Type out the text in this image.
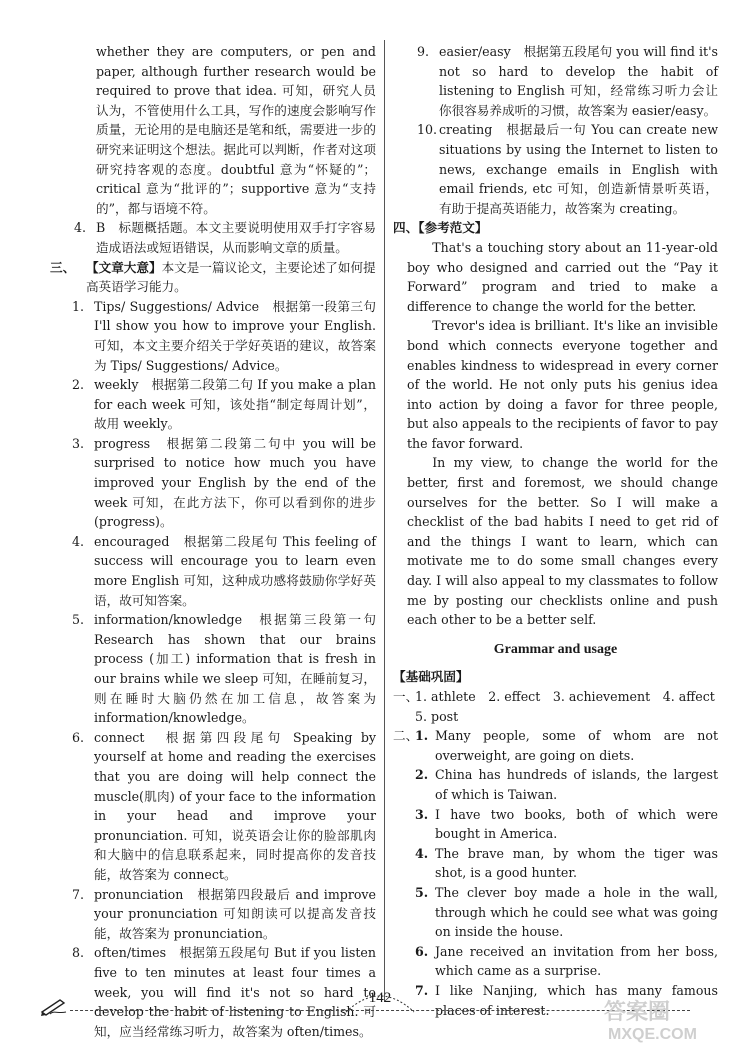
whether they are computers, or pen and paper, although further research would be required to prove that idea. 可知，研究人员认为，不管使用什么工具，写作的速度会影响写作质量，无论用的是电脑还是笔和纸，需要进一步的研究来证明这个想法。据此可以判断，作者对这项研究持客观的态度。doubtful 意为“怀疑的”；critical 意为“批评的”；supportive 意为“支持的”，都与语境不符。

4. B　标题概括题。本文主要说明使用双手打字容易造成语法或短语错误，从而影响文章的质量。
三、 【文章大意】本文是一篇议论文，主要论述了如何提高英语学习能力。
1. Tips/ Suggestions/ Advice　根据第一段第三句 I'll show you how to improve your English. 可知，本文主要介绍关于学好英语的建议，故答案为 Tips/ Suggestions/ Advice。
2. weekly　根据第二段第二句 If you make a plan for each week 可知，该处指“制定每周计划”，故用 weekly。
3. progress　根据第二段第二句中 you will be surprised to notice how much you have improved your English by the end of the week 可知，在此方法下，你可以看到你的进步(progress)。
4. encouraged　根据第二段尾句 This feeling of success will encourage you to learn even more English 可知，这种成功感将鼓励你学好英语，故可知答案。
5. information/knowledge　根据第三段第一句 Research has shown that our brains process (加工) information that is fresh in our brains while we sleep 可知，在睡前复习，则在睡时大脑仍然在加工信息，故答案为 information/knowledge。
6. connect　根据第四段尾句 Speaking by yourself at home and reading the exercises that you are doing will help connect the muscle(肌肉) of your face to the information in your head and improve your pronunciation. 可知，说英语会让你的脸部肌肉和大脑中的信息联系起来，同时提高你的发音技能，故答案为 connect。
7. pronunciation　根据第四段最后 and improve your pronunciation 可知朗读可以提高发音技能，故答案为 pronunciation。
8. often/times　根据第五段尾句 But if you listen five to ten minutes at least four times a week, you will find it's not so hard to develop the habit of listening to English. 可知，应当经常练习听力，故答案为 often/times。
9. easier/easy　根据第五段尾句 you will find it's not so hard to develop the habit of listening to English 可知，经常练习听力会让你很容易养成听的习惯，故答案为 easier/easy。
10. creating　根据最后一句 You can create new situations by using the Internet to listen to news, exchange emails in English with email friends, etc 可知，创造新情景听英语，有助于提高英语能力，故答案为 creating。
四、【参考范文】

That's a touching story about an 11-year-old boy who designed and carried out the “Pay it Forward” program and tried to make a difference to change the world for the better.

Trevor's idea is brilliant. It's like an invisible bond which connects everyone together and enables kindness to widespread in every corner of the world. He not only puts his genius idea into action by doing a favor for three people, but also appeals to the recipients of favor to pay the favor forward.

In my view, to change the world for the better, first and foremost, we should change ourselves for the better. So I will make a checklist of the bad habits I need to get rid of and the things I want to learn, which can motivate me to do some small changes every day. I will also appeal to my classmates to follow me by posting our checklists online and push each other to be a better self.

Grammar and usage
【基础巩固】
一、
1. athlete　2. effect　3. achievement　4. affect
5. post
二、
1. Many people, some of whom are not overweight, are going on diets.
2. China has hundreds of islands, the largest of which is Taiwan.
3. I have two books, both of which were bought in America.
4. The brave man, by whom the tiger was shot, is a good hunter.
5. The clever boy made a hole in the wall, through which he could see what was going on inside the house.
6. Jane received an invitation from her boss, which came as a surprise.
7. I like Nanjing, which has many famous places of interest.
142
答案圈
MXQE.COM
